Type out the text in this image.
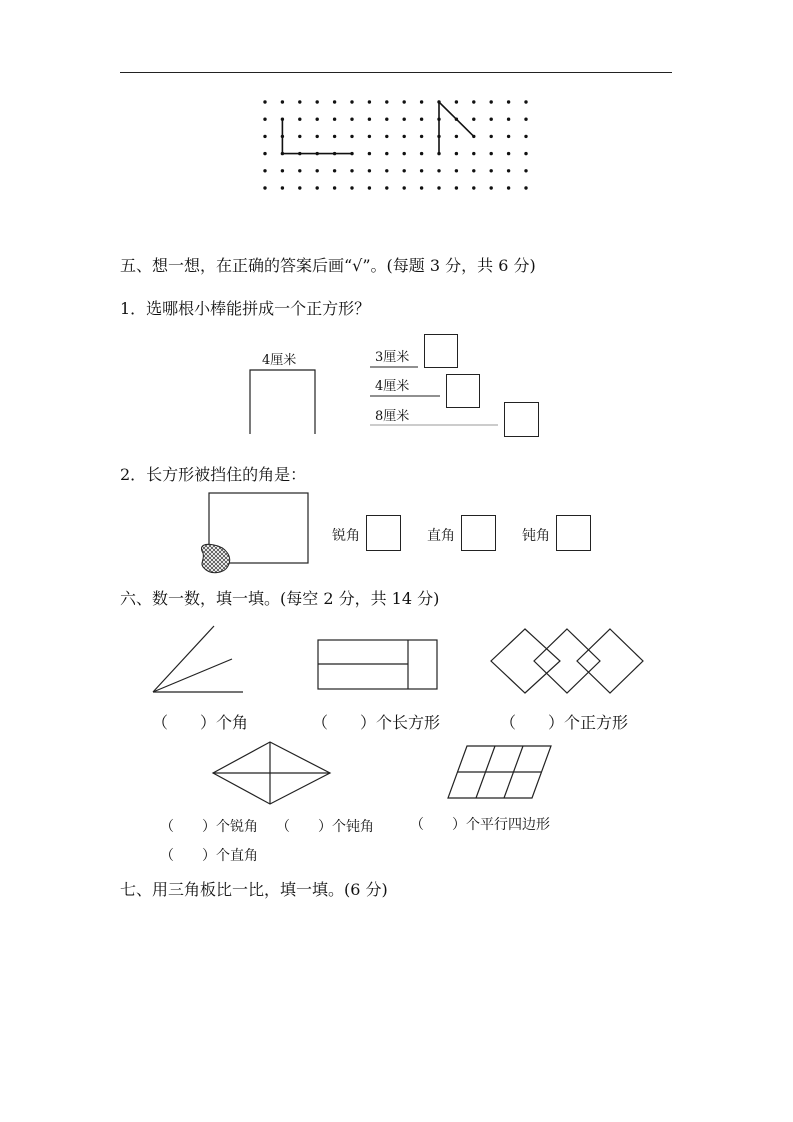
五、想一想，在正确的答案后画“√”。(每题 3 分，共 6 分)
1．选哪根小棒能拼成一个正方形？
4厘米	3厘米
4厘米
8厘米
2．长方形被挡住的角是：
锐角	直角	钝角
六、数一数，填一填。(每空 2 分，共 14 分)
（　　）个角	（　　）个长方形	（　　）个正方形
（　　）个锐角 （　　）个钝角	（　　）个平行四边形
（　　）个直角
七、用三角板比一比，填一填。(6 分)
